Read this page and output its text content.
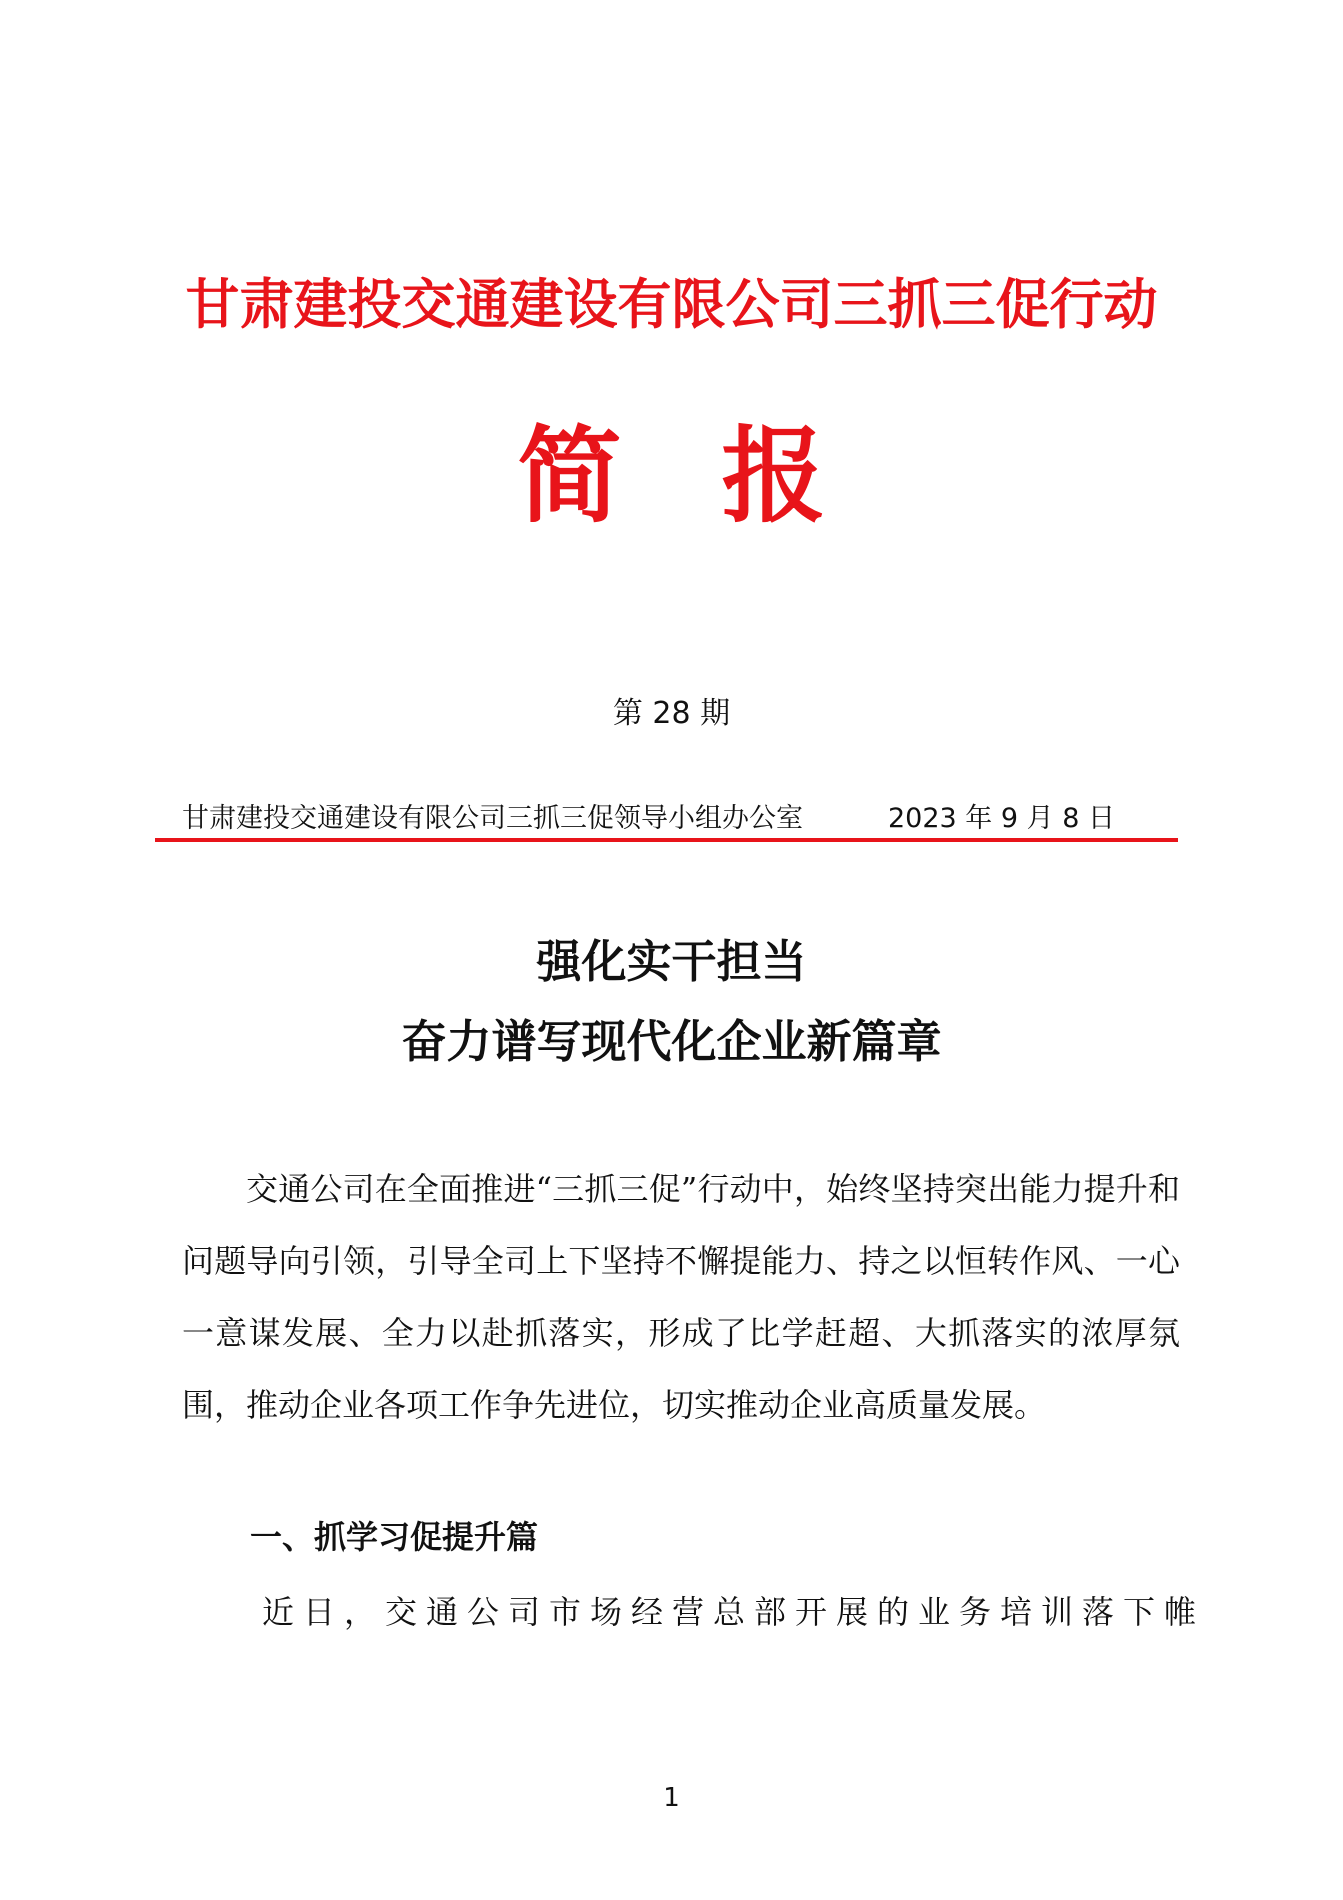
甘肃建投交通建设有限公司三抓三促行动
简 报
第 28 期
甘肃建投交通建设有限公司三抓三促领导小组办公室	2023 年 9 月 8 日
强化实干担当
奋力谱写现代化企业新篇章

交通公司在全面推进“三抓三促”行动中，始终坚持突出能力提升和问题导向引领，引导全司上下坚持不懈提能力、持之以恒转作风、一心一意谋发展、全力以赴抓落实，形成了比学赶超、大抓落实的浓厚氛围，推动企业各项工作争先进位，切实推动企业高质量发展。

一、抓学习促提升篇
近日，交通公司市场经营总部开展的业务培训落下帷
1
